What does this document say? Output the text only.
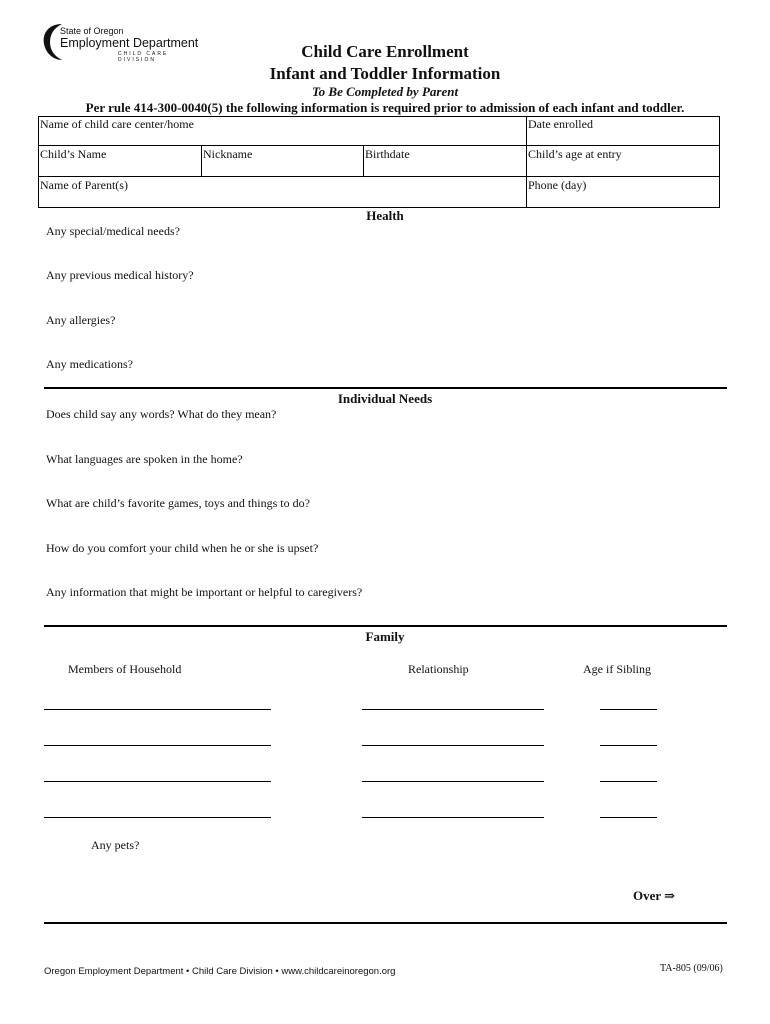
State of Oregon
Employment Department
CHILD CARE DIVISION	Child Care Enrollment
Infant and Toddler Information
To Be Completed by Parent
Per rule 414-300-0040(5) the following information is required prior to admission of each infant and toddler.
Name of child care center/home	Date enrolled
Child’s Name	Nickname	Birthdate	Child’s age at entry
Name of Parent(s)	Phone (day)
Health
Any special/medical needs?
Any previous medical history?
Any allergies?
Any medications?
Individual Needs
Does child say any words? What do they mean?
What languages are spoken in the home?
What are child’s favorite games, toys and things to do?
How do you comfort your child when he or she is upset?
Any information that might be important or helpful to caregivers?
Family
Members of Household	Relationship	Age if Sibling
Any pets?
Over ⇒
Oregon Employment Department • Child Care Division • www.childcareinoregon.org	TA-805 (09/06)
